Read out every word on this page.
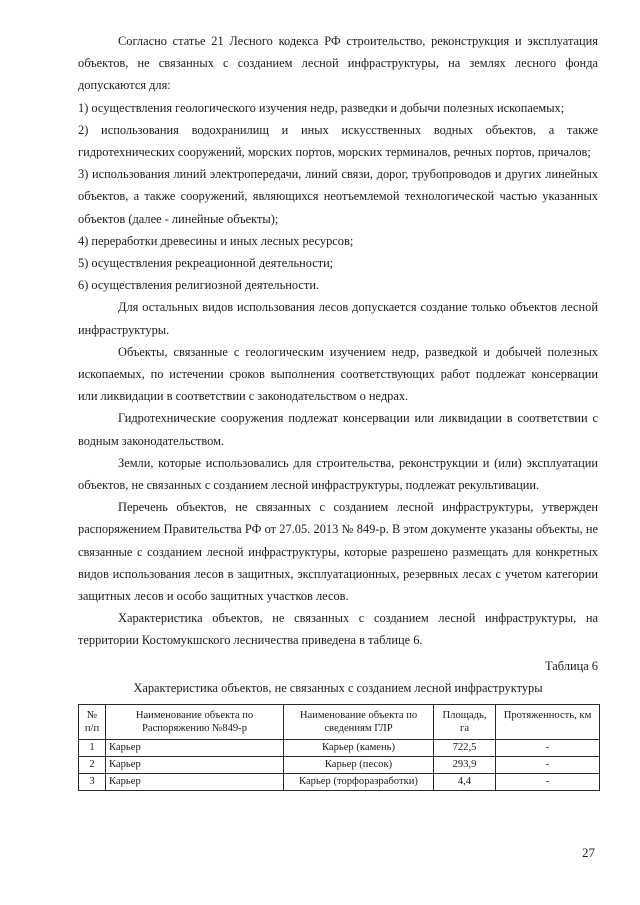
Согласно статье 21 Лесного кодекса РФ строительство, реконструкция и эксплуатация объектов, не связанных с созданием лесной инфраструктуры, на землях лесного фонда допускаются для:

1) осуществления геологического изучения недр, разведки и добычи полезных ископаемых;

2) использования водохранилищ и иных искусственных водных объектов, а также гидротехнических сооружений, морских портов, морских терминалов, речных портов, причалов;

3) использования линий электропередачи, линий связи, дорог, трубопроводов и других линейных объектов, а также сооружений, являющихся неотъемлемой технологической частью указанных объектов (далее - линейные объекты);

4) переработки древесины и иных лесных ресурсов;

5) осуществления рекреационной деятельности;

6) осуществления религиозной деятельности.

Для остальных видов использования лесов допускается создание только объектов лесной инфраструктуры.

Объекты, связанные с геологическим изучением недр, разведкой и добычей полезных ископаемых, по истечении сроков выполнения соответствующих работ подлежат консервации или ликвидации в соответствии с законодательством о недрах.

Гидротехнические сооружения подлежат консервации или ликвидации в соответствии с водным законодательством.

Земли, которые использовались для строительства, реконструкции и (или) эксплуатации объектов, не связанных с созданием лесной инфраструктуры, подлежат рекультивации.

Перечень объектов, не связанных с созданием лесной инфраструктуры, утвержден распоряжением Правительства РФ от 27.05. 2013 № 849-р. В этом документе указаны объекты, не связанные с созданием лесной инфраструктуры, которые разрешено размещать для конкретных видов использования лесов в защитных, эксплуатационных, резервных лесах с учетом категории защитных лесов и особо защитных участков лесов.

Характеристика объектов, не связанных с созданием лесной инфраструктуры, на территории Костомукшского лесничества приведена в таблице 6.

Таблица 6

Характеристика объектов, не связанных с созданием лесной инфраструктуры

№ п/п	Наименование объекта по Распоряжению №849-р	Наименование объекта по сведениям ГЛР	Площадь, га	Протяженность, км
1	Карьер	Карьер (камень)	722,5	-
2	Карьер	Карьер (песок)	293,9	-
3	Карьер	Карьер (торфоразработки)	4,4	-
27
